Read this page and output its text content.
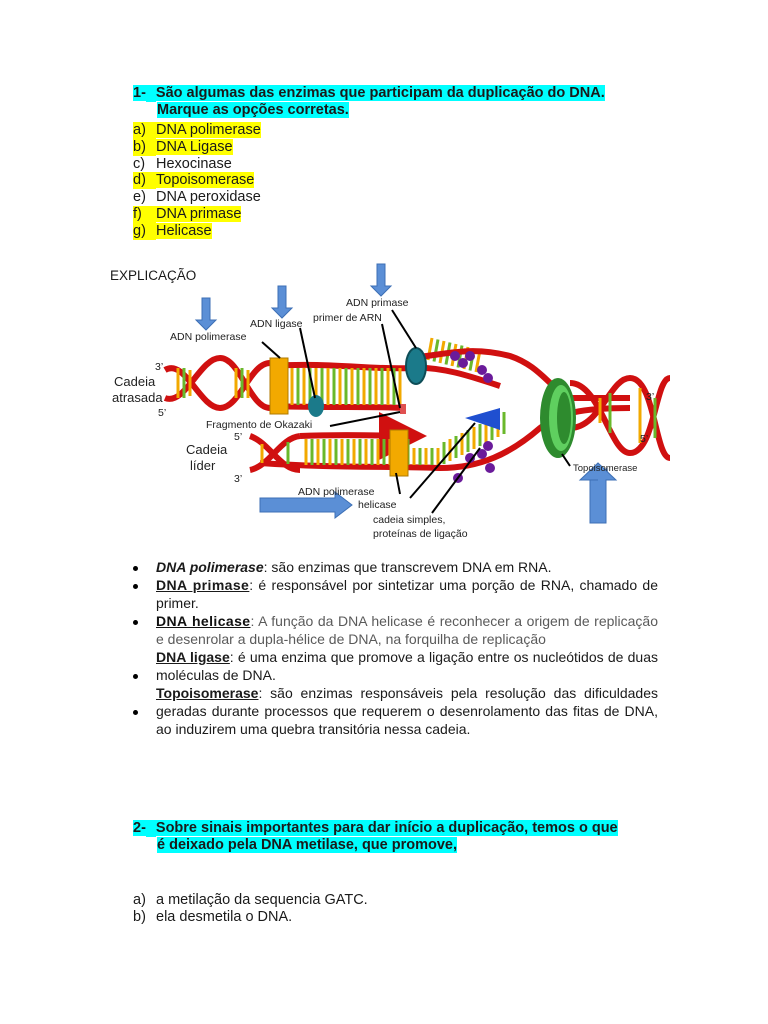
1- São algumas das enzimas que participam da duplicação do DNA.
Marque as opções corretas.
a) DNA polimerase
b) DNA Ligase
c) Hexocinase
d) Topoisomerase
e) DNA peroxidase
f) DNA primase
g) Helicase
EXPLICAÇÃO
ADN primase
primer de ARN
ADN ligase
ADN polimerase
3’
Cadeia
atrasada
5’
Fragmento de Okazaki
5’
Cadeia
líder
3’
ADN polimerase
helicase
cadeia simples,
proteínas de ligação
Topoisomerase
3’
5’
DNA polimerase: são enzimas que transcrevem DNA em RNA.
DNA primase: é responsável por sintetizar uma porção de RNA, chamado de primer.
DNA helicase: A função da DNA helicase é reconhecer a origem de replicação e desenrolar a dupla-hélice de DNA, na forquilha de replicação
DNA ligase: é uma enzima que promove a ligação entre os nucleótidos de duas moléculas de DNA.
Topoisomerase: são enzimas responsáveis pela resolução das dificuldades geradas durante processos que requerem o desenrolamento das fitas de DNA, ao induzirem uma quebra transitória nessa cadeia.
2- Sobre sinais importantes para dar início a duplicação, temos o que
é deixado pela DNA metilase, que promove,
a) a metilação da sequencia GATC.
b) ela desmetila o DNA.
